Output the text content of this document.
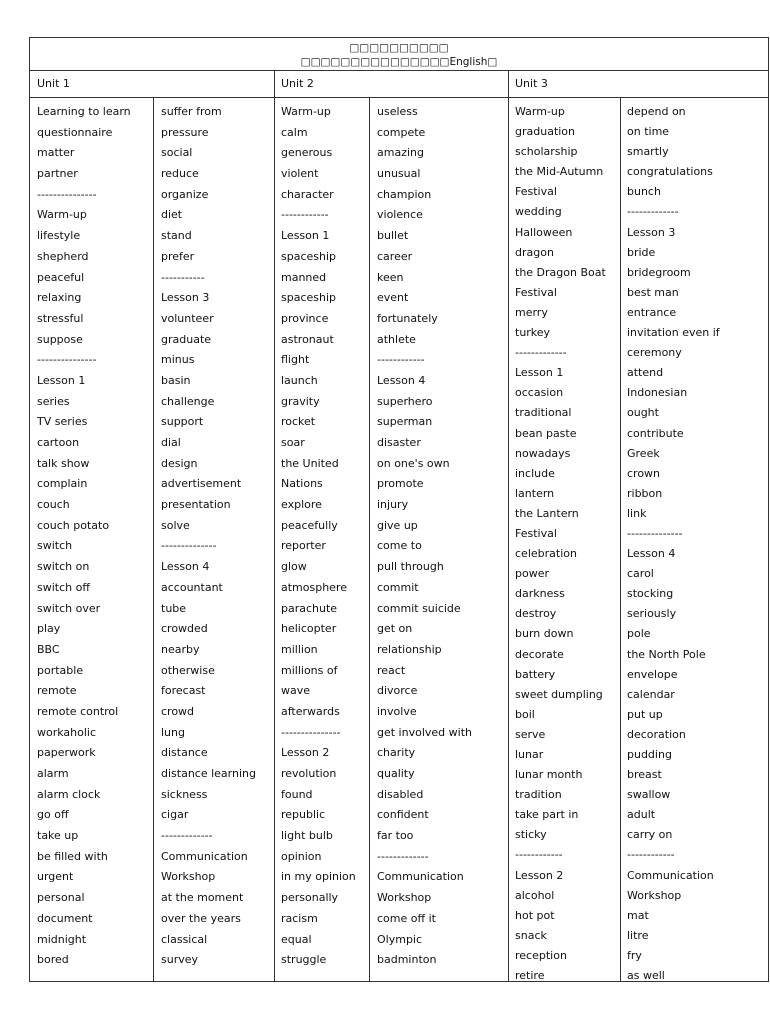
□□□□□□□□□□
□□□□□□□□□□□□□□□English□
Unit 1	Unit 2	Unit 3
Learning to learn
questionnaire
matter
partner
---------------
Warm-up
lifestyle
shepherd
peaceful
relaxing
stressful
suppose
---------------
Lesson 1
series
TV series
cartoon
talk show
complain
couch
couch potato
switch
switch on
switch off
switch over
play
BBC
portable
remote
remote control
workaholic
paperwork
alarm
alarm clock
go off
take up
be filled with
urgent
personal
document
midnight
bored
suffer from
pressure
social
reduce
organize
diet
stand
prefer
-----------
Lesson 3
volunteer
graduate
minus
basin
challenge
support
dial
design
advertisement
presentation
solve
--------------
Lesson 4
accountant
tube
crowded
nearby
otherwise
forecast
crowd
lung
distance
distance learning
sickness
cigar
-------------
Communication
Workshop
at the moment
over the years
classical
survey
Warm-up
calm
generous
violent
character
------------
Lesson 1
spaceship
manned
spaceship
province
astronaut
flight
launch
gravity
rocket
soar
the United
Nations
explore
peacefully
reporter
glow
atmosphere
parachute
helicopter
million
millions of
wave
afterwards
---------------
Lesson 2
revolution
found
republic
light bulb
opinion
in my opinion
personally
racism
equal
struggle
useless
compete
amazing
unusual
champion
violence
bullet
career
keen
event
fortunately
athlete
------------
Lesson 4
superhero
superman
disaster
on one's own
promote
injury
give up
come to
pull through
commit
commit suicide
get on
relationship
react
divorce
involve
get involved with
charity
quality
disabled
confident
far too
-------------
Communication
Workshop
come off it
Olympic
badminton
Warm-up
graduation
scholarship
the Mid-Autumn
Festival
wedding
Halloween
dragon
the Dragon Boat
Festival
merry
turkey
-------------
Lesson 1
occasion
traditional
bean paste
nowadays
include
lantern
the Lantern
Festival
celebration
power
darkness
destroy
burn down
decorate
battery
sweet dumpling
boil
serve
lunar
lunar month
tradition
take part in
sticky
------------
Lesson 2
alcohol
hot pot
snack
reception
retire
depend on
on time
smartly
congratulations
bunch
-------------
Lesson 3
bride
bridegroom
best man
entrance
invitation even if
ceremony
attend
Indonesian
ought
contribute
Greek
crown
ribbon
link
--------------
Lesson 4
carol
stocking
seriously
pole
the North Pole
envelope
calendar
put up
decoration
pudding
breast
swallow
adult
carry on
------------
Communication
Workshop
mat
litre
fry
as well
